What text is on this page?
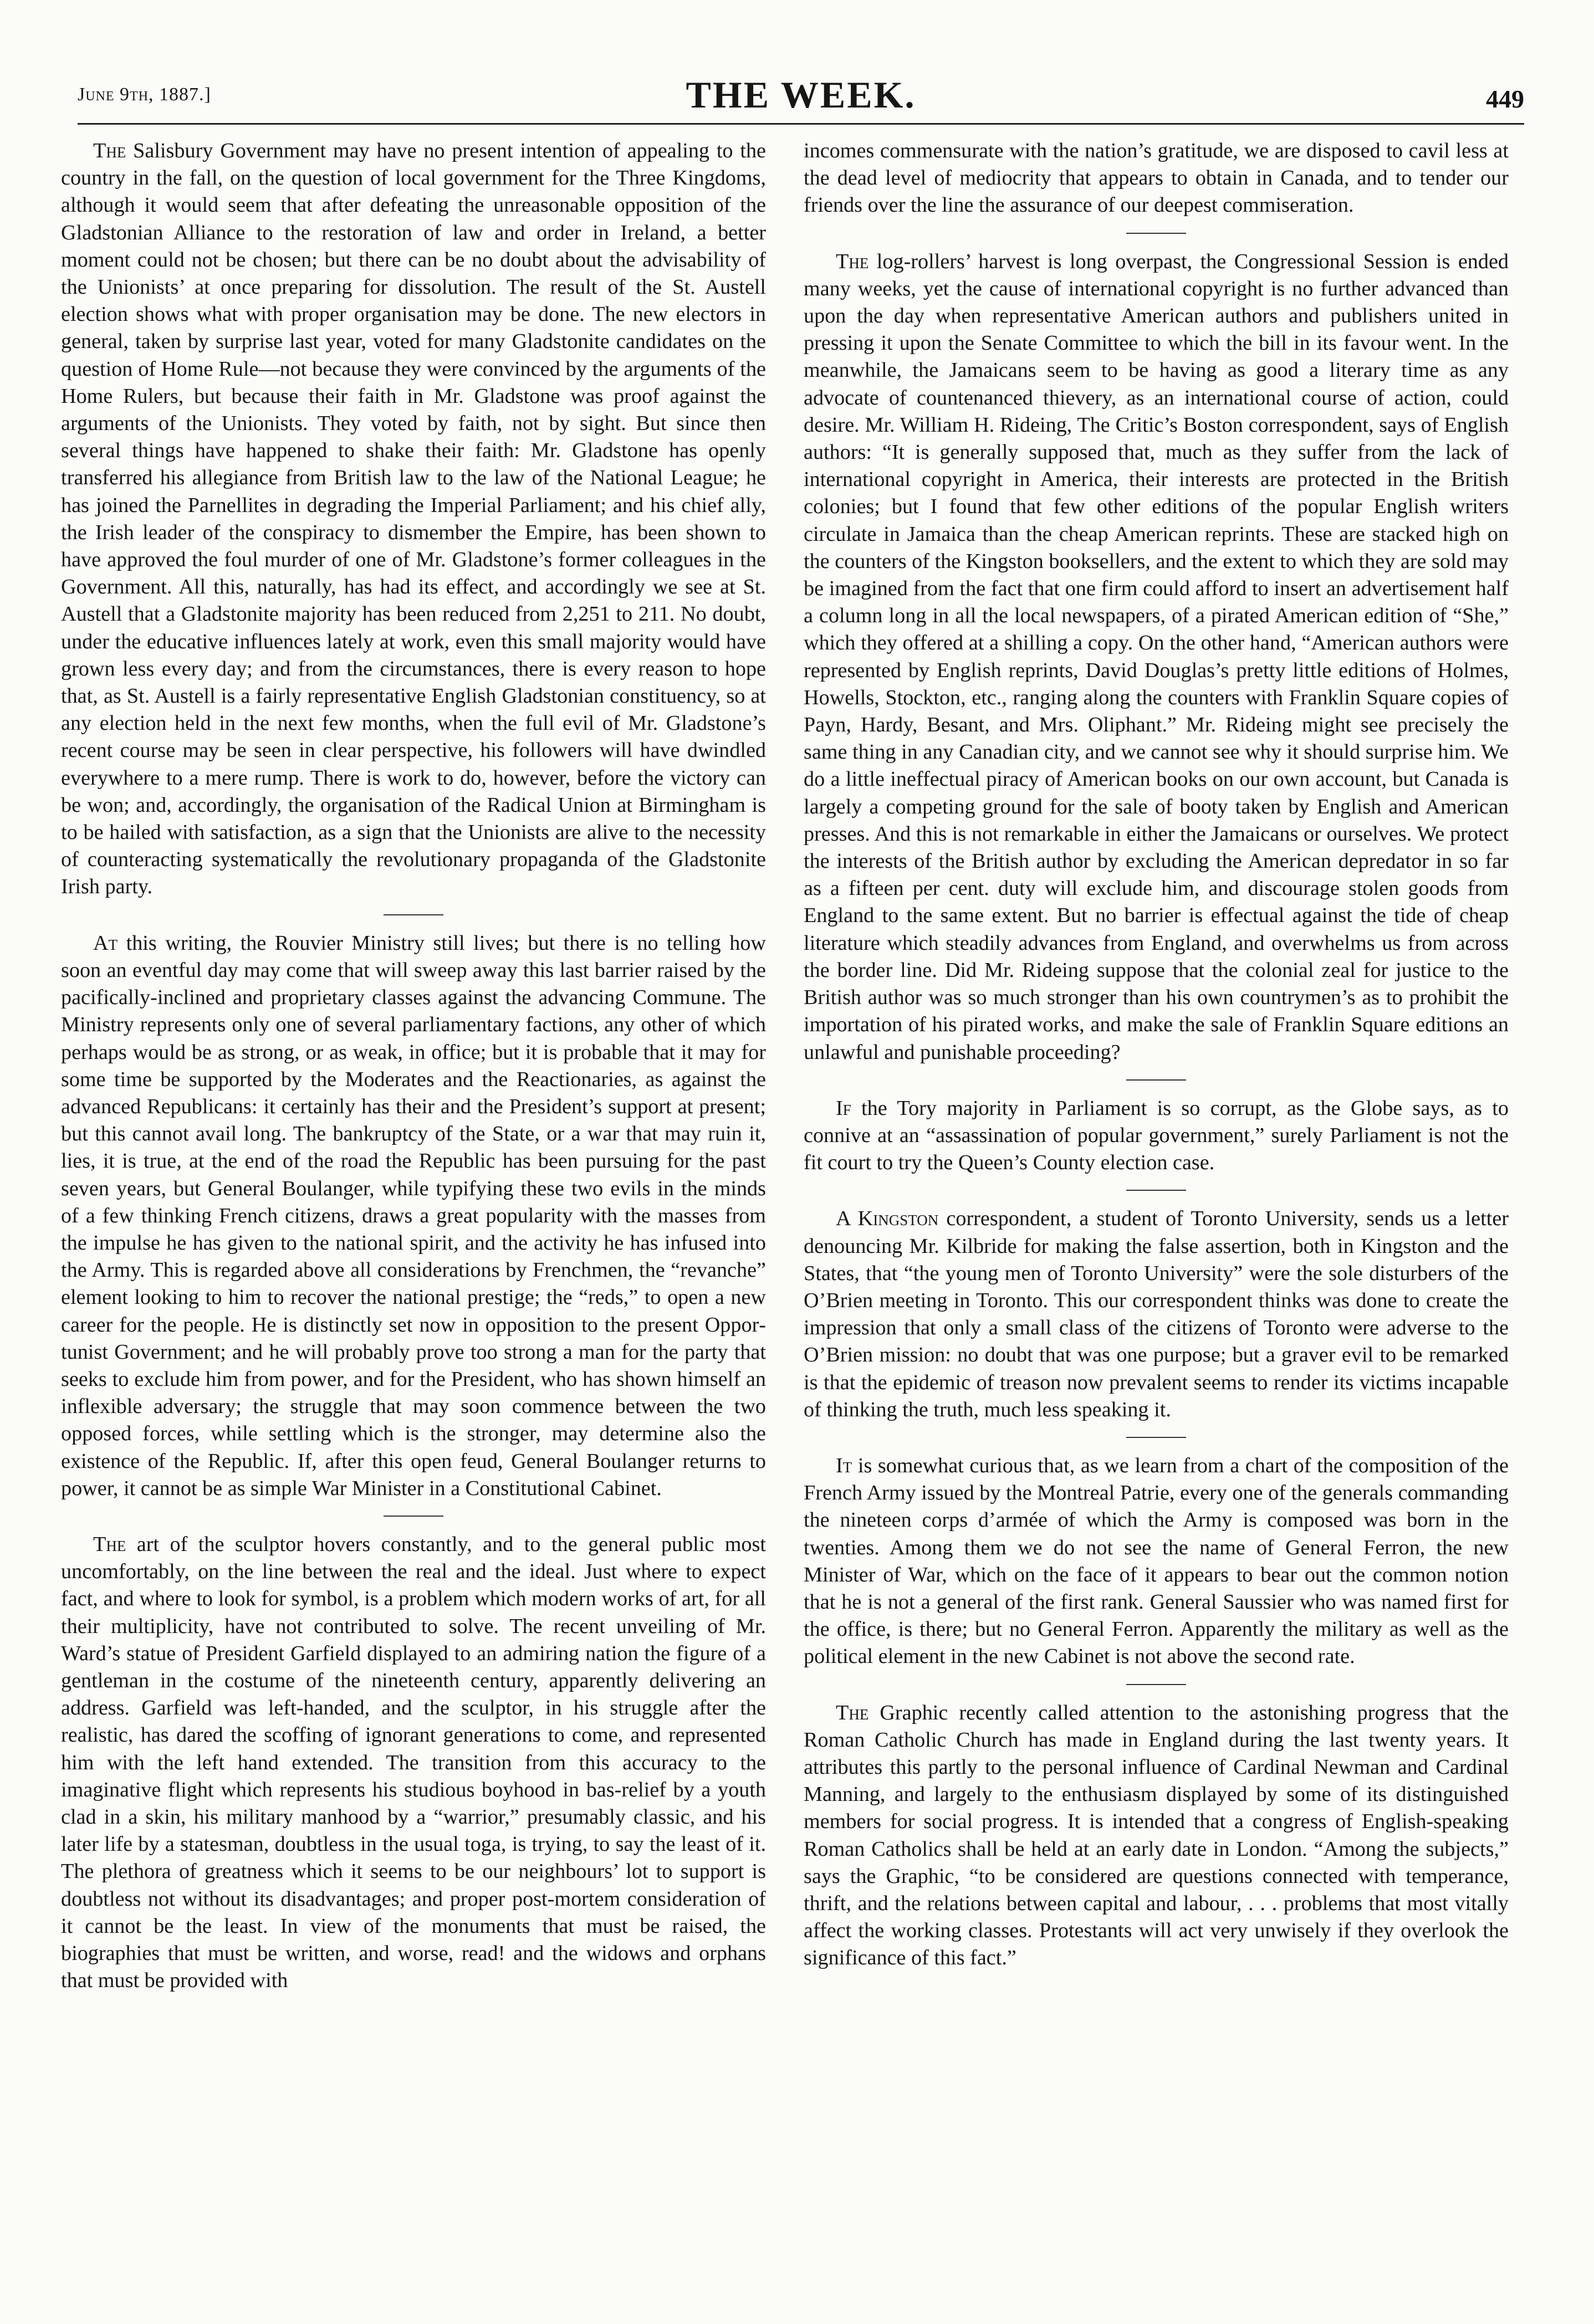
June 9th, 1887.]	THE WEEK.	449

The Salisbury Government may have no present intention of appealing to the country in the fall, on the question of local government for the Three Kingdoms, although it would seem that after defeating the unreasonable opposition of the Gladstonian Alliance to the restoration of law and order in Ireland, a better moment could not be chosen; but there can be no doubt about the advisability of the Unionists’ at once preparing for dissolution. The result of the St. Austell election shows what with proper organisation may be done. The new electors in general, taken by surprise last year, voted for many Gladstonite candidates on the question of Home Rule—not because they were convinced by the arguments of the Home Rulers, but because their faith in Mr. Gladstone was proof against the arguments of the Unionists. They voted by faith, not by sight. But since then several things have happened to shake their faith: Mr. Gladstone has openly transferred his allegiance from British law to the law of the National League; he has joined the Parnellites in degrading the Imperial Parliament; and his chief ally, the Irish leader of the conspiracy to dismember the Empire, has been shown to have approved the foul murder of one of Mr. Gladstone’s former colleagues in the Government. All this, naturally, has had its effect, and accordingly we see at St. Austell that a Gladstonite majority has been reduced from 2,251 to 211. No doubt, under the educative influences lately at work, even this small majority would have grown less every day; and from the circumstances, there is every reason to hope that, as St. Austell is a fairly representative English Gladstonian constituency, so at any election held in the next few months, when the full evil of Mr. Gladstone’s recent course may be seen in clear perspective, his followers will have dwindled everywhere to a mere rump. There is work to do, however, before the victory can be won; and, accordingly, the organisation of the Radical Union at Birmingham is to be hailed with satisfaction, as a sign that the Unionists are alive to the necessity of counteracting systematically the revolutionary propaganda of the Gladstonite Irish party.

At this writing, the Rouvier Ministry still lives; but there is no telling how soon an eventful day may come that will sweep away this last barrier raised by the pacifically-inclined and proprietary classes against the advancing Commune. The Ministry represents only one of several parliamentary factions, any other of which perhaps would be as strong, or as weak, in office; but it is probable that it may for some time be supported by the Moderates and the Reactionaries, as against the advanced Republicans: it certainly has their and the President’s support at present; but this cannot avail long. The bankruptcy of the State, or a war that may ruin it, lies, it is true, at the end of the road the Republic has been pursuing for the past seven years, but General Boulanger, while typifying these two evils in the minds of a few thinking French citizens, draws a great popularity with the masses from the impulse he has given to the national spirit, and the activity he has infused into the Army. This is regarded above all considerations by Frenchmen, the “revanche” element looking to him to recover the national prestige; the “reds,” to open a new career for the people. He is distinctly set now in opposition to the present Opportunist Government; and he will probably prove too strong a man for the party that seeks to exclude him from power, and for the President, who has shown himself an inflexible adversary; the struggle that may soon commence between the two opposed forces, while settling which is the stronger, may determine also the existence of the Republic. If, after this open feud, General Boulanger returns to power, it cannot be as simple War Minister in a Constitutional Cabinet.

The art of the sculptor hovers constantly, and to the general public most uncomfortably, on the line between the real and the ideal. Just where to expect fact, and where to look for symbol, is a problem which modern works of art, for all their multiplicity, have not contributed to solve. The recent unveiling of Mr. Ward’s statue of President Garfield displayed to an admiring nation the figure of a gentleman in the costume of the nineteenth century, apparently delivering an address. Garfield was left-handed, and the sculptor, in his struggle after the realistic, has dared the scoffing of ignorant generations to come, and represented him with the left hand extended. The transition from this accuracy to the imaginative flight which represents his studious boyhood in bas-relief by a youth clad in a skin, his military manhood by a “warrior,” presumably classic, and his later life by a statesman, doubtless in the usual toga, is trying, to say the least of it. The plethora of greatness which it seems to be our neighbours’ lot to support is doubtless not without its disadvantages; and proper post-mortem consideration of it cannot be the least. In view of the monuments that must be raised, the biographies that must be written, and worse, read! and the widows and orphans that must be provided with

incomes commensurate with the nation’s gratitude, we are disposed to cavil less at the dead level of mediocrity that appears to obtain in Canada, and to tender our friends over the line the assurance of our deepest commiseration.

The log-rollers’ harvest is long overpast, the Congressional Session is ended many weeks, yet the cause of international copyright is no further advanced than upon the day when representative American authors and publishers united in pressing it upon the Senate Committee to which the bill in its favour went. In the meanwhile, the Jamaicans seem to be having as good a literary time as any advocate of countenanced thievery, as an international course of action, could desire. Mr. William H. Rideing, The Critic’s Boston correspondent, says of English authors: “It is generally supposed that, much as they suffer from the lack of international copyright in America, their interests are protected in the British colonies; but I found that few other editions of the popular English writers circulate in Jamaica than the cheap American reprints. These are stacked high on the counters of the Kingston booksellers, and the extent to which they are sold may be imagined from the fact that one firm could afford to insert an advertisement half a column long in all the local newspapers, of a pirated American edition of “She,” which they offered at a shilling a copy. On the other hand, “American authors were represented by English reprints, David Douglas’s pretty little editions of Holmes, Howells, Stockton, etc., ranging along the counters with Franklin Square copies of Payn, Hardy, Besant, and Mrs. Oliphant.” Mr. Rideing might see precisely the same thing in any Canadian city, and we cannot see why it should surprise him. We do a little ineffectual piracy of American books on our own account, but Canada is largely a competing ground for the sale of booty taken by English and American presses. And this is not remarkable in either the Jamaicans or ourselves. We protect the interests of the British author by excluding the American depredator in so far as a fifteen per cent. duty will exclude him, and discourage stolen goods from England to the same extent. But no barrier is effectual against the tide of cheap literature which steadily advances from England, and overwhelms us from across the border line. Did Mr. Rideing suppose that the colonial zeal for justice to the British author was so much stronger than his own countrymen’s as to prohibit the importation of his pirated works, and make the sale of Franklin Square editions an unlawful and punishable proceeding?

If the Tory majority in Parliament is so corrupt, as the Globe says, as to connive at an “assassination of popular government,” surely Parliament is not the fit court to try the Queen’s County election case.

A Kingston correspondent, a student of Toronto University, sends us a letter denouncing Mr. Kilbride for making the false assertion, both in Kingston and the States, that “the young men of Toronto University” were the sole disturbers of the O’Brien meeting in Toronto. This our correspondent thinks was done to create the impression that only a small class of the citizens of Toronto were adverse to the O’Brien mission: no doubt that was one purpose; but a graver evil to be remarked is that the epidemic of treason now prevalent seems to render its victims incapable of thinking the truth, much less speaking it.

It is somewhat curious that, as we learn from a chart of the composition of the French Army issued by the Montreal Patrie, every one of the generals commanding the nineteen corps d’armée of which the Army is composed was born in the twenties. Among them we do not see the name of General Ferron, the new Minister of War, which on the face of it appears to bear out the common notion that he is not a general of the first rank. General Saussier who was named first for the office, is there; but no General Ferron. Apparently the military as well as the political element in the new Cabinet is not above the second rate.

The Graphic recently called attention to the astonishing progress that the Roman Catholic Church has made in England during the last twenty years. It attributes this partly to the personal influence of Cardinal Newman and Cardinal Manning, and largely to the enthusiasm displayed by some of its distinguished members for social progress. It is intended that a congress of English-speaking Roman Catholics shall be held at an early date in London. “Among the subjects,” says the Graphic, “to be considered are questions connected with temperance, thrift, and the relations between capital and labour, . . . problems that most vitally affect the working classes. Protestants will act very unwisely if they overlook the significance of this fact.”
